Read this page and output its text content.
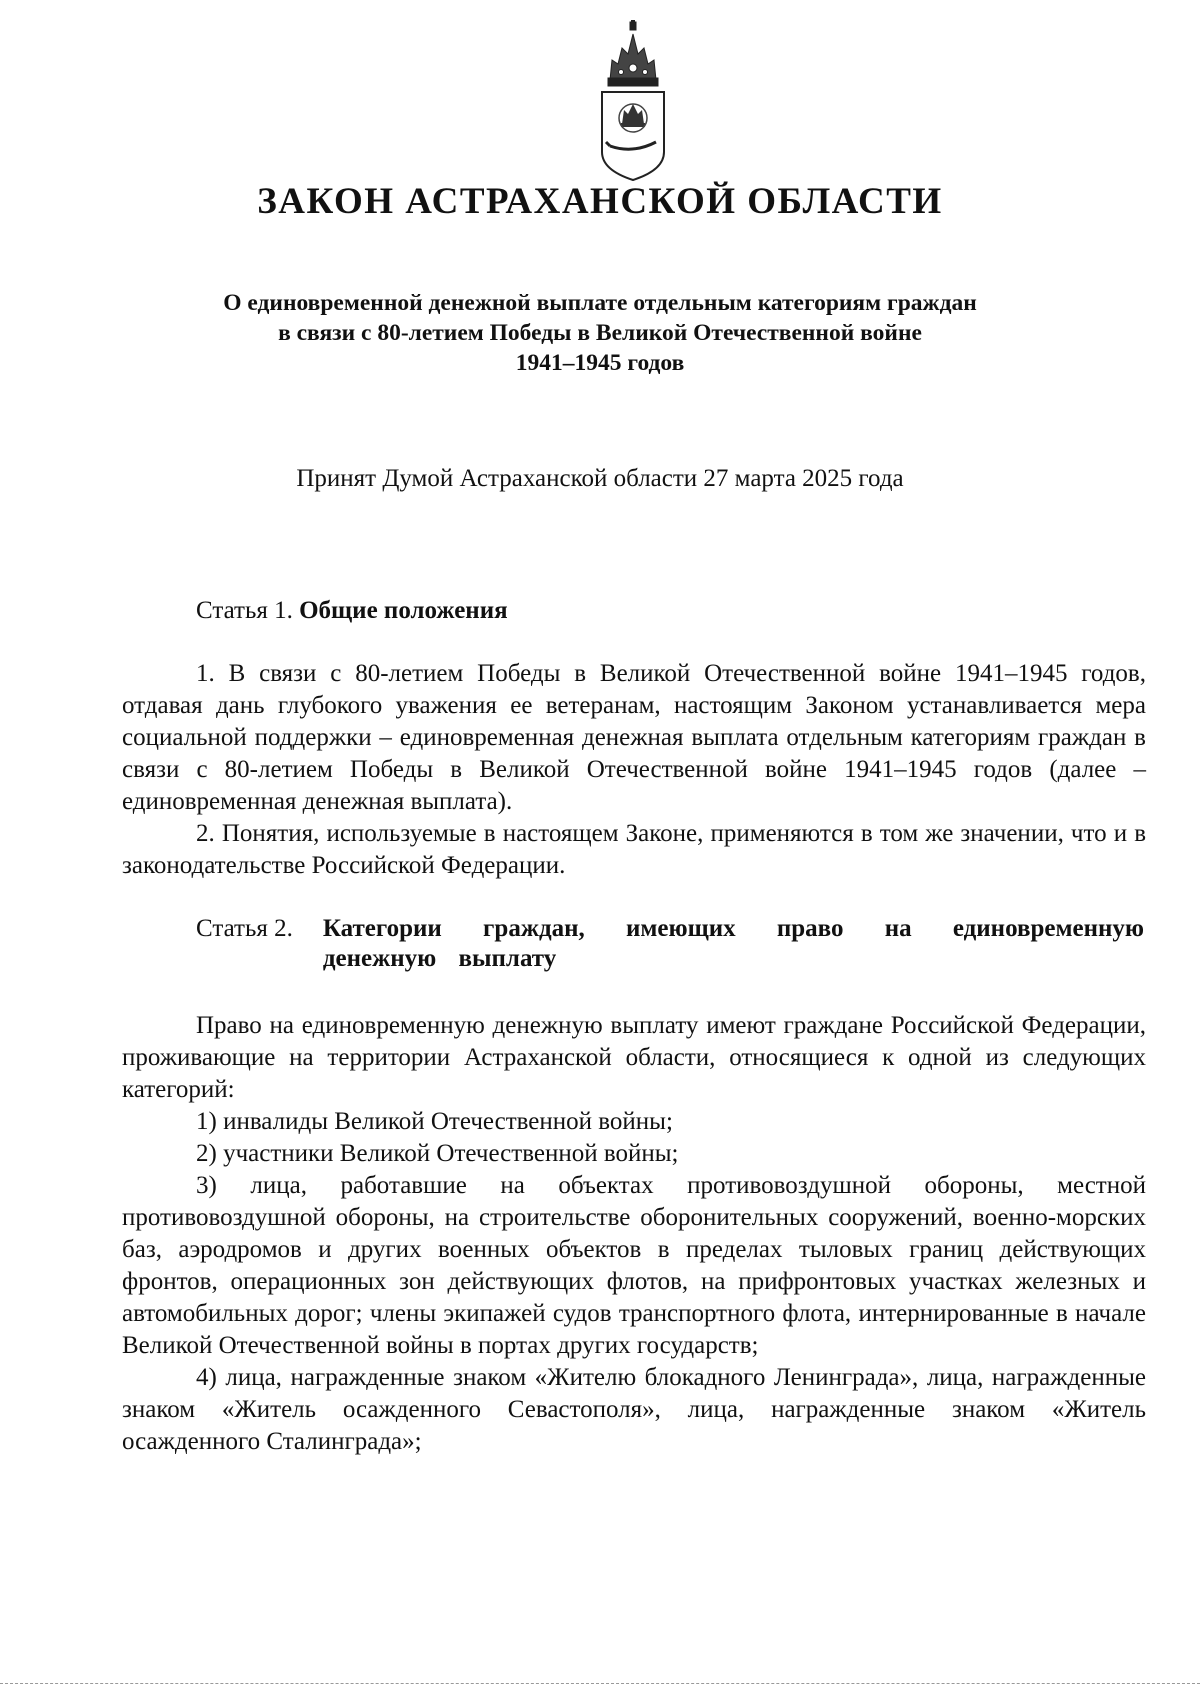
ЗАКОН АСТРАХАНСКОЙ ОБЛАСТИ
О единовременной денежной выплате отдельным категориям граждан
в связи с 80-летием Победы в Великой Отечественной войне
1941–1945 годов

Принят Думой Астраханской области 27 марта 2025 года

Статья 1. Общие положения

1. В связи с 80-летием Победы в Великой Отечественной войне 1941–1945 годов, отдавая дань глубокого уважения ее ветеранам, настоящим Законом устанавливается мера социальной поддержки – единовременная денежная выплата отдельным категориям граждан в связи с 80-летием Победы в Великой Отечественной войне 1941–1945 годов (далее – единовременная денежная выплата).

2. Понятия, используемые в настоящем Законе, применяются в том же значении, что и в законодательстве Российской Федерации.

Статья 2.	Категории граждан, имеющих право на единовременную денежную выплату

Право на единовременную денежную выплату имеют граждане Российской Федерации, проживающие на территории Астраханской области, относящиеся к одной из следующих категорий:

1) инвалиды Великой Отечественной войны;

2) участники Великой Отечественной войны;

3) лица, работавшие на объектах противовоздушной обороны, местной противовоздушной обороны, на строительстве оборонительных сооружений, военно-морских баз, аэродромов и других военных объектов в пределах тыловых границ действующих фронтов, операционных зон действующих флотов, на прифронтовых участках железных и автомобильных дорог; члены экипажей судов транспортного флота, интернированные в начале Великой Отечественной войны в портах других государств;

4) лица, награжденные знаком «Жителю блокадного Ленинграда», лица, награжденные знаком «Житель осажденного Севастополя», лица, награжденные знаком «Житель осажденного Сталинграда»;
